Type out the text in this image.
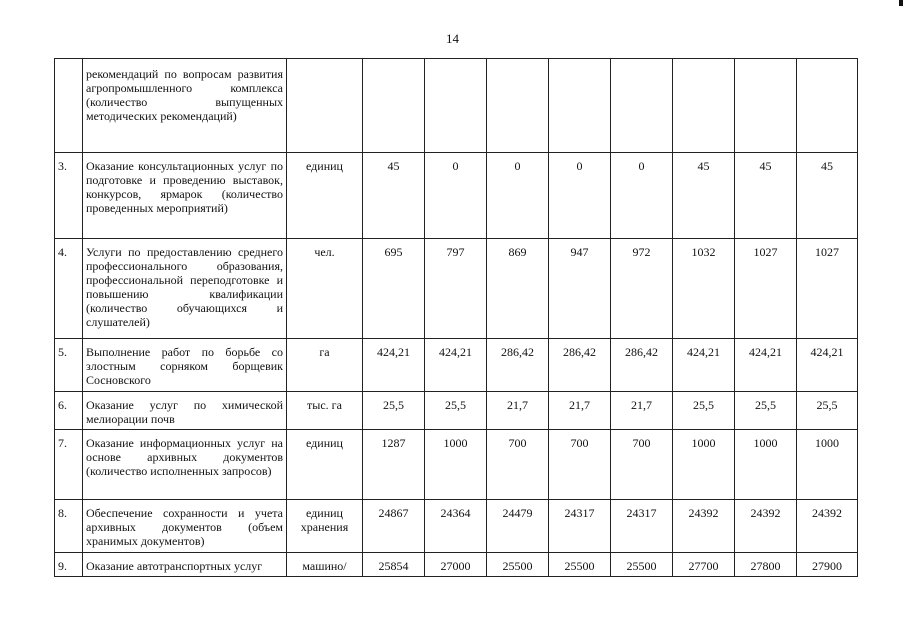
14
	рекомендаций по вопросам развития агропромышленного комплекса (количество выпущенных методических рекомендаций)									
3.	Оказание консультационных услуг по подготовке и проведению выставок, конкурсов, ярмарок (количество проведенных мероприятий)	единиц	45	0	0	0	0	45	45	45
4.	Услуги по предоставлению среднего профессионального образования, профессиональной переподготовке и повышению квалификации (количество обучающихся и слушателей)	чел.	695	797	869	947	972	1032	1027	1027
5.	Выполнение работ по борьбе со злостным сорняком борщевик Сосновского	га	424,21	424,21	286,42	286,42	286,42	424,21	424,21	424,21
6.	Оказание услуг по химической мелиорации почв	тыс. га	25,5	25,5	21,7	21,7	21,7	25,5	25,5	25,5
7.	Оказание информационных услуг на основе архивных документов (количество исполненных запросов)	единиц	1287	1000	700	700	700	1000	1000	1000
8.	Обеспечение сохранности и учета архивных документов (объем хранимых документов)	единиц хранения	24867	24364	24479	24317	24317	24392	24392	24392
9.	Оказание автотранспортных услуг	машино/	25854	27000	25500	25500	25500	27700	27800	27900
